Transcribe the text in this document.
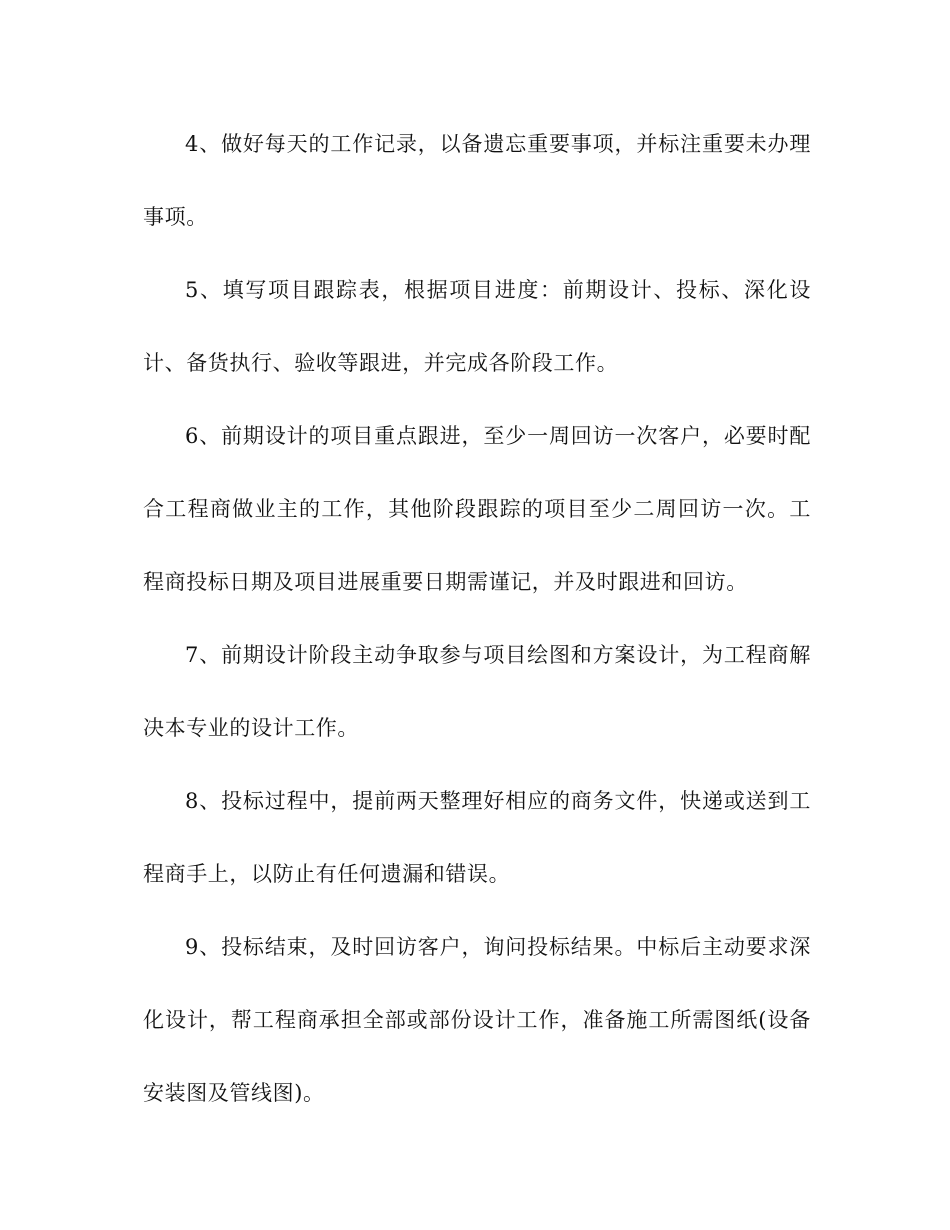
4、做好每天的工作记录，以备遗忘重要事项，并标注重要未办理事项。

5、填写项目跟踪表，根据项目进度：前期设计、投标、深化设计、备货执行、验收等跟进，并完成各阶段工作。

6、前期设计的项目重点跟进，至少一周回访一次客户，必要时配合工程商做业主的工作，其他阶段跟踪的项目至少二周回访一次。工程商投标日期及项目进展重要日期需谨记，并及时跟进和回访。

7、前期设计阶段主动争取参与项目绘图和方案设计，为工程商解决本专业的设计工作。

8、投标过程中，提前两天整理好相应的商务文件，快递或送到工程商手上，以防止有任何遗漏和错误。

9、投标结束，及时回访客户，询问投标结果。中标后主动要求深化设计，帮工程商承担全部或部份设计工作，准备施工所需图纸(设备安装图及管线图)。
